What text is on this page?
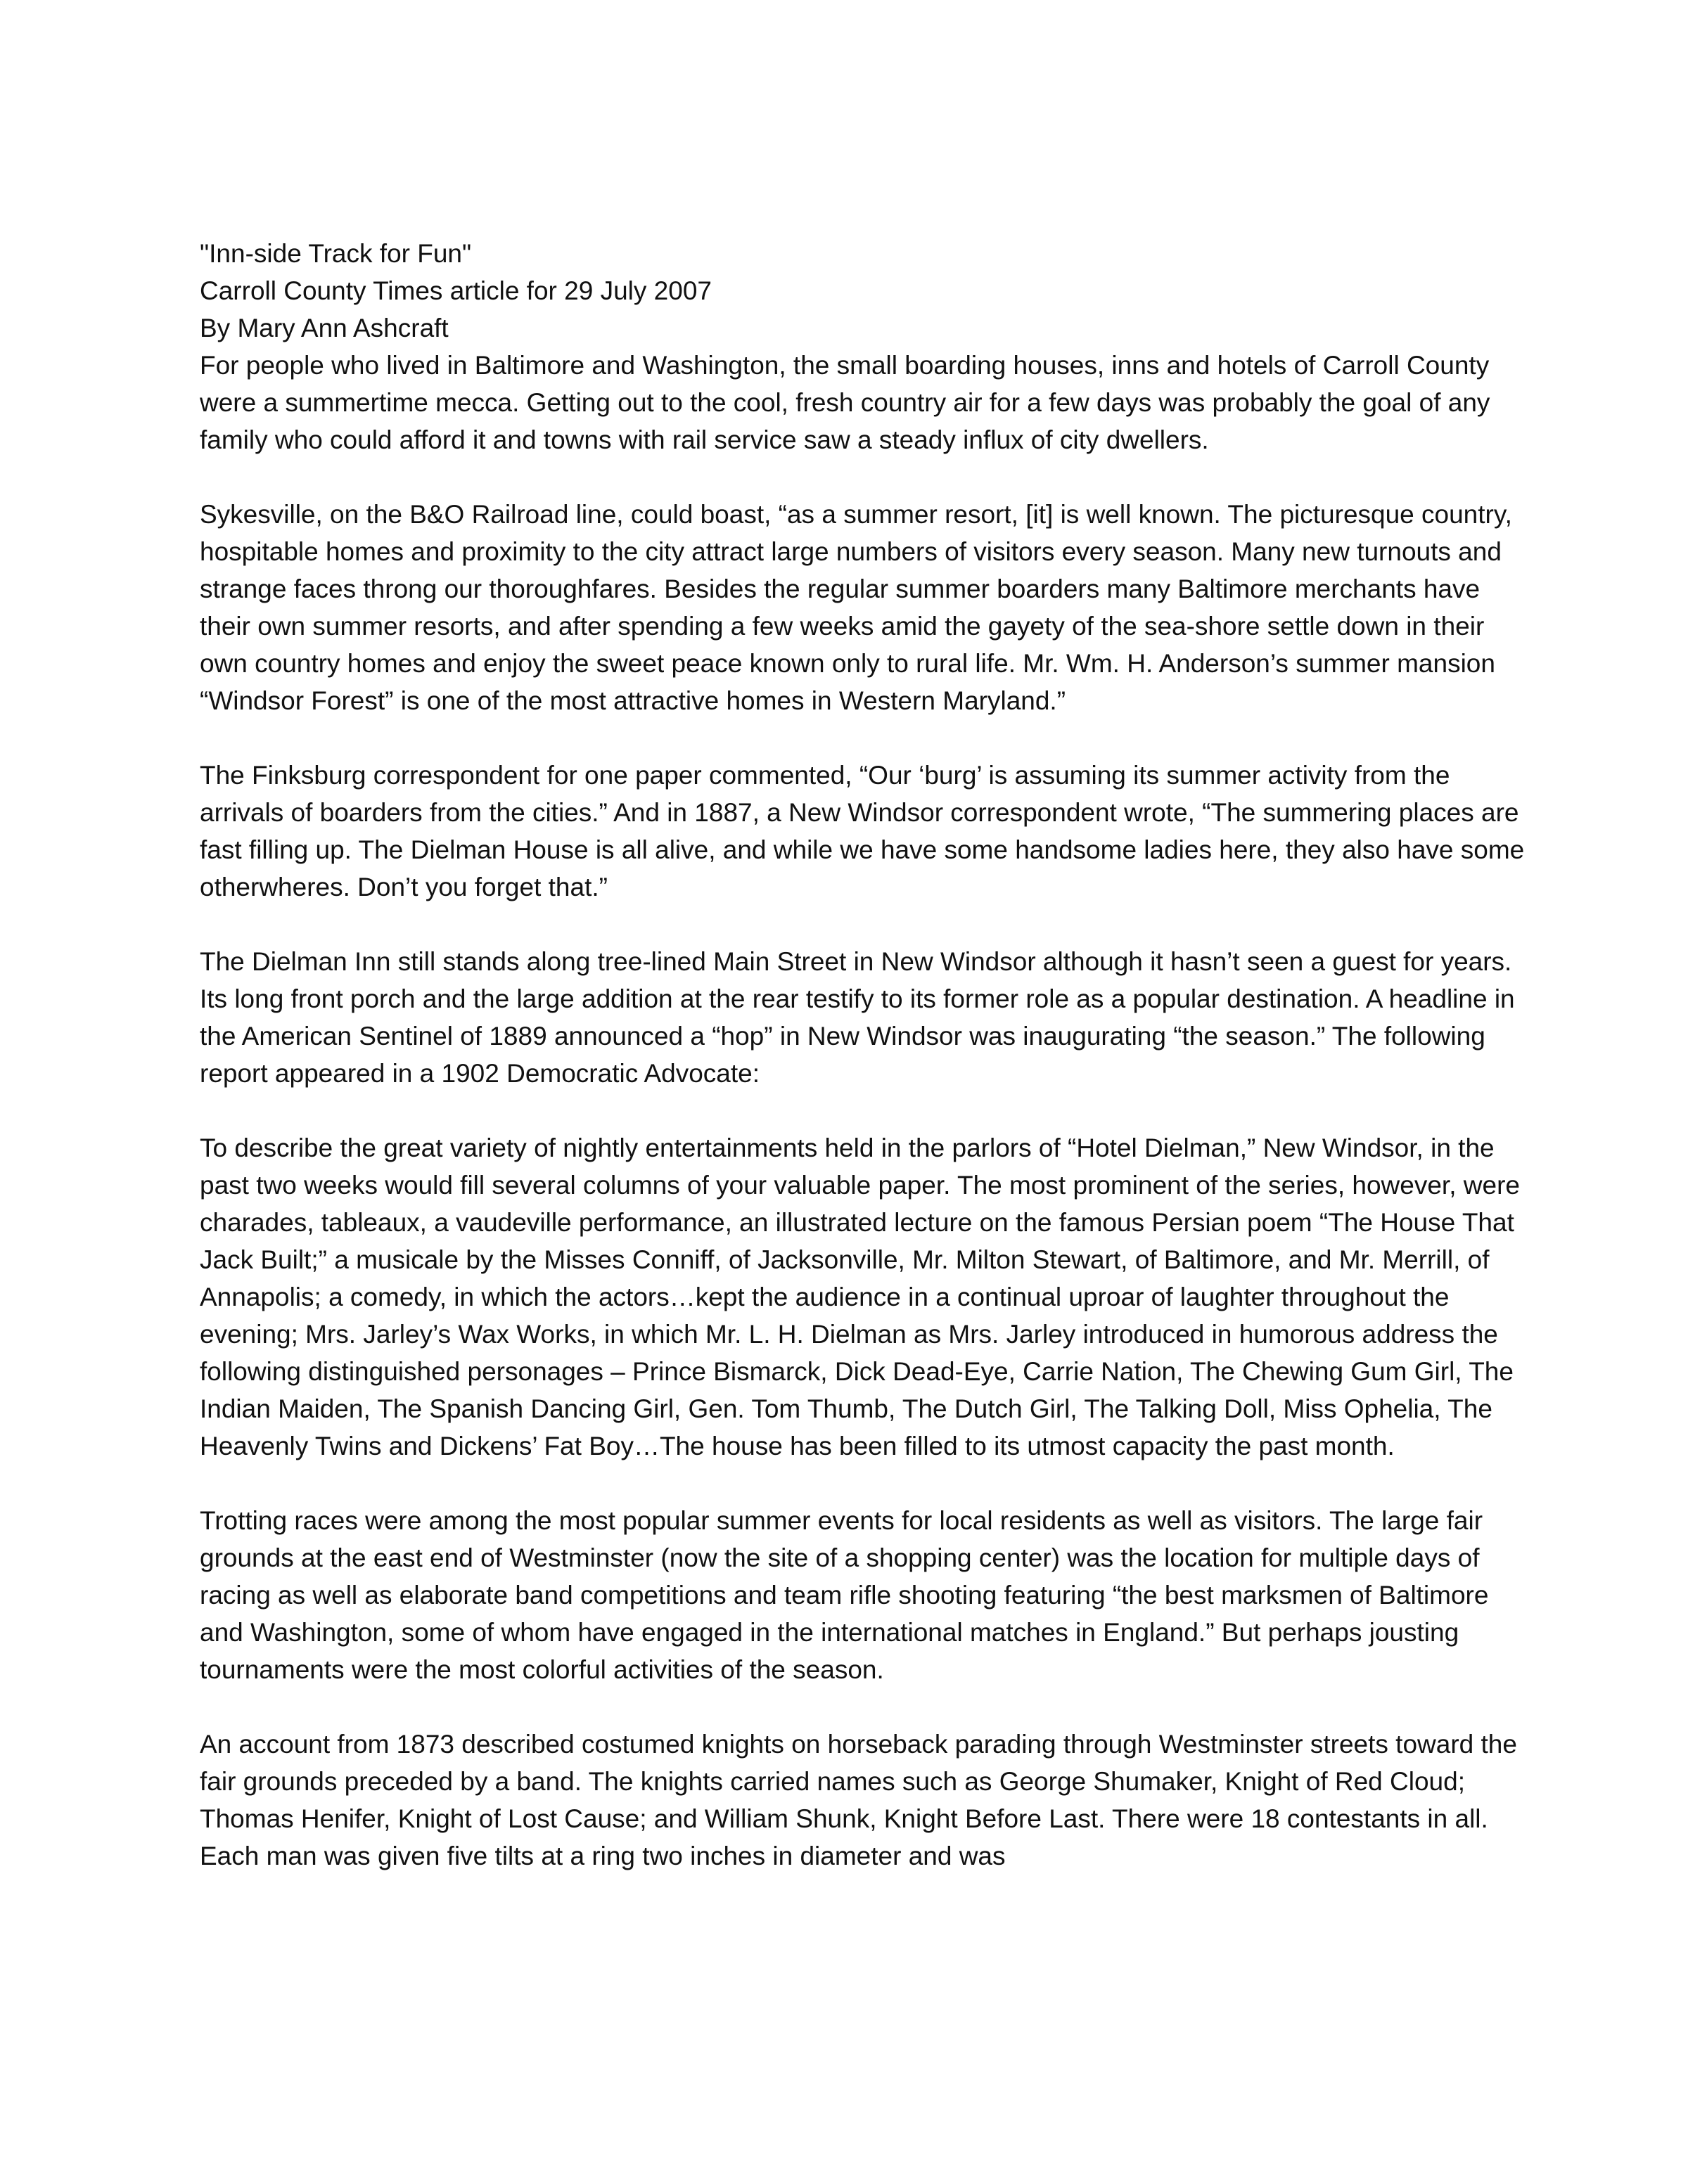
"Inn-side Track for Fun"
Carroll County Times article for 29 July 2007
By Mary Ann Ashcraft

For people who lived in Baltimore and Washington, the small boarding houses, inns and hotels of Carroll County were a summertime mecca. Getting out to the cool, fresh country air for a few days was probably the goal of any family who could afford it and towns with rail service saw a steady influx of city dwellers.

Sykesville, on the B&O Railroad line, could boast, “as a summer resort, [it] is well known. The picturesque country, hospitable homes and proximity to the city attract large numbers of visitors every season. Many new turnouts and strange faces throng our thoroughfares. Besides the regular summer boarders many Baltimore merchants have their own summer resorts, and after spending a few weeks amid the gayety of the sea-shore settle down in their own country homes and enjoy the sweet peace known only to rural life. Mr. Wm. H. Anderson’s summer mansion “Windsor Forest” is one of the most attractive homes in Western Maryland.”

The Finksburg correspondent for one paper commented, “Our ‘burg’ is assuming its summer activity from the arrivals of boarders from the cities.” And in 1887, a New Windsor correspondent wrote, “The summering places are fast filling up. The Dielman House is all alive, and while we have some handsome ladies here, they also have some otherwheres. Don’t you forget that.”

The Dielman Inn still stands along tree-lined Main Street in New Windsor although it hasn’t seen a guest for years. Its long front porch and the large addition at the rear testify to its former role as a popular destination. A headline in the American Sentinel of 1889 announced a “hop” in New Windsor was inaugurating “the season.” The following report appeared in a 1902 Democratic Advocate:

To describe the great variety of nightly entertainments held in the parlors of “Hotel Dielman,” New Windsor, in the past two weeks would fill several columns of your valuable paper. The most prominent of the series, however, were charades, tableaux, a vaudeville performance, an illustrated lecture on the famous Persian poem “The House That Jack Built;” a musicale by the Misses Conniff, of Jacksonville, Mr. Milton Stewart, of Baltimore, and Mr. Merrill, of Annapolis; a comedy, in which the actors…kept the audience in a continual uproar of laughter throughout the evening; Mrs. Jarley’s Wax Works, in which Mr. L. H. Dielman as Mrs. Jarley introduced in humorous address the following distinguished personages – Prince Bismarck, Dick Dead-Eye, Carrie Nation, The Chewing Gum Girl, The Indian Maiden, The Spanish Dancing Girl, Gen. Tom Thumb, The Dutch Girl, The Talking Doll, Miss Ophelia, The Heavenly Twins and Dickens’ Fat Boy…The house has been filled to its utmost capacity the past month.

Trotting races were among the most popular summer events for local residents as well as visitors. The large fair grounds at the east end of Westminster (now the site of a shopping center) was the location for multiple days of racing as well as elaborate band competitions and team rifle shooting featuring “the best marksmen of Baltimore and Washington, some of whom have engaged in the international matches in England.” But perhaps jousting tournaments were the most colorful activities of the season.

An account from 1873 described costumed knights on horseback parading through Westminster streets toward the fair grounds preceded by a band. The knights carried names such as George Shumaker, Knight of Red Cloud; Thomas Henifer, Knight of Lost Cause; and William Shunk, Knight Before Last. There were 18 contestants in all. Each man was given five tilts at a ring two inches in diameter and was
